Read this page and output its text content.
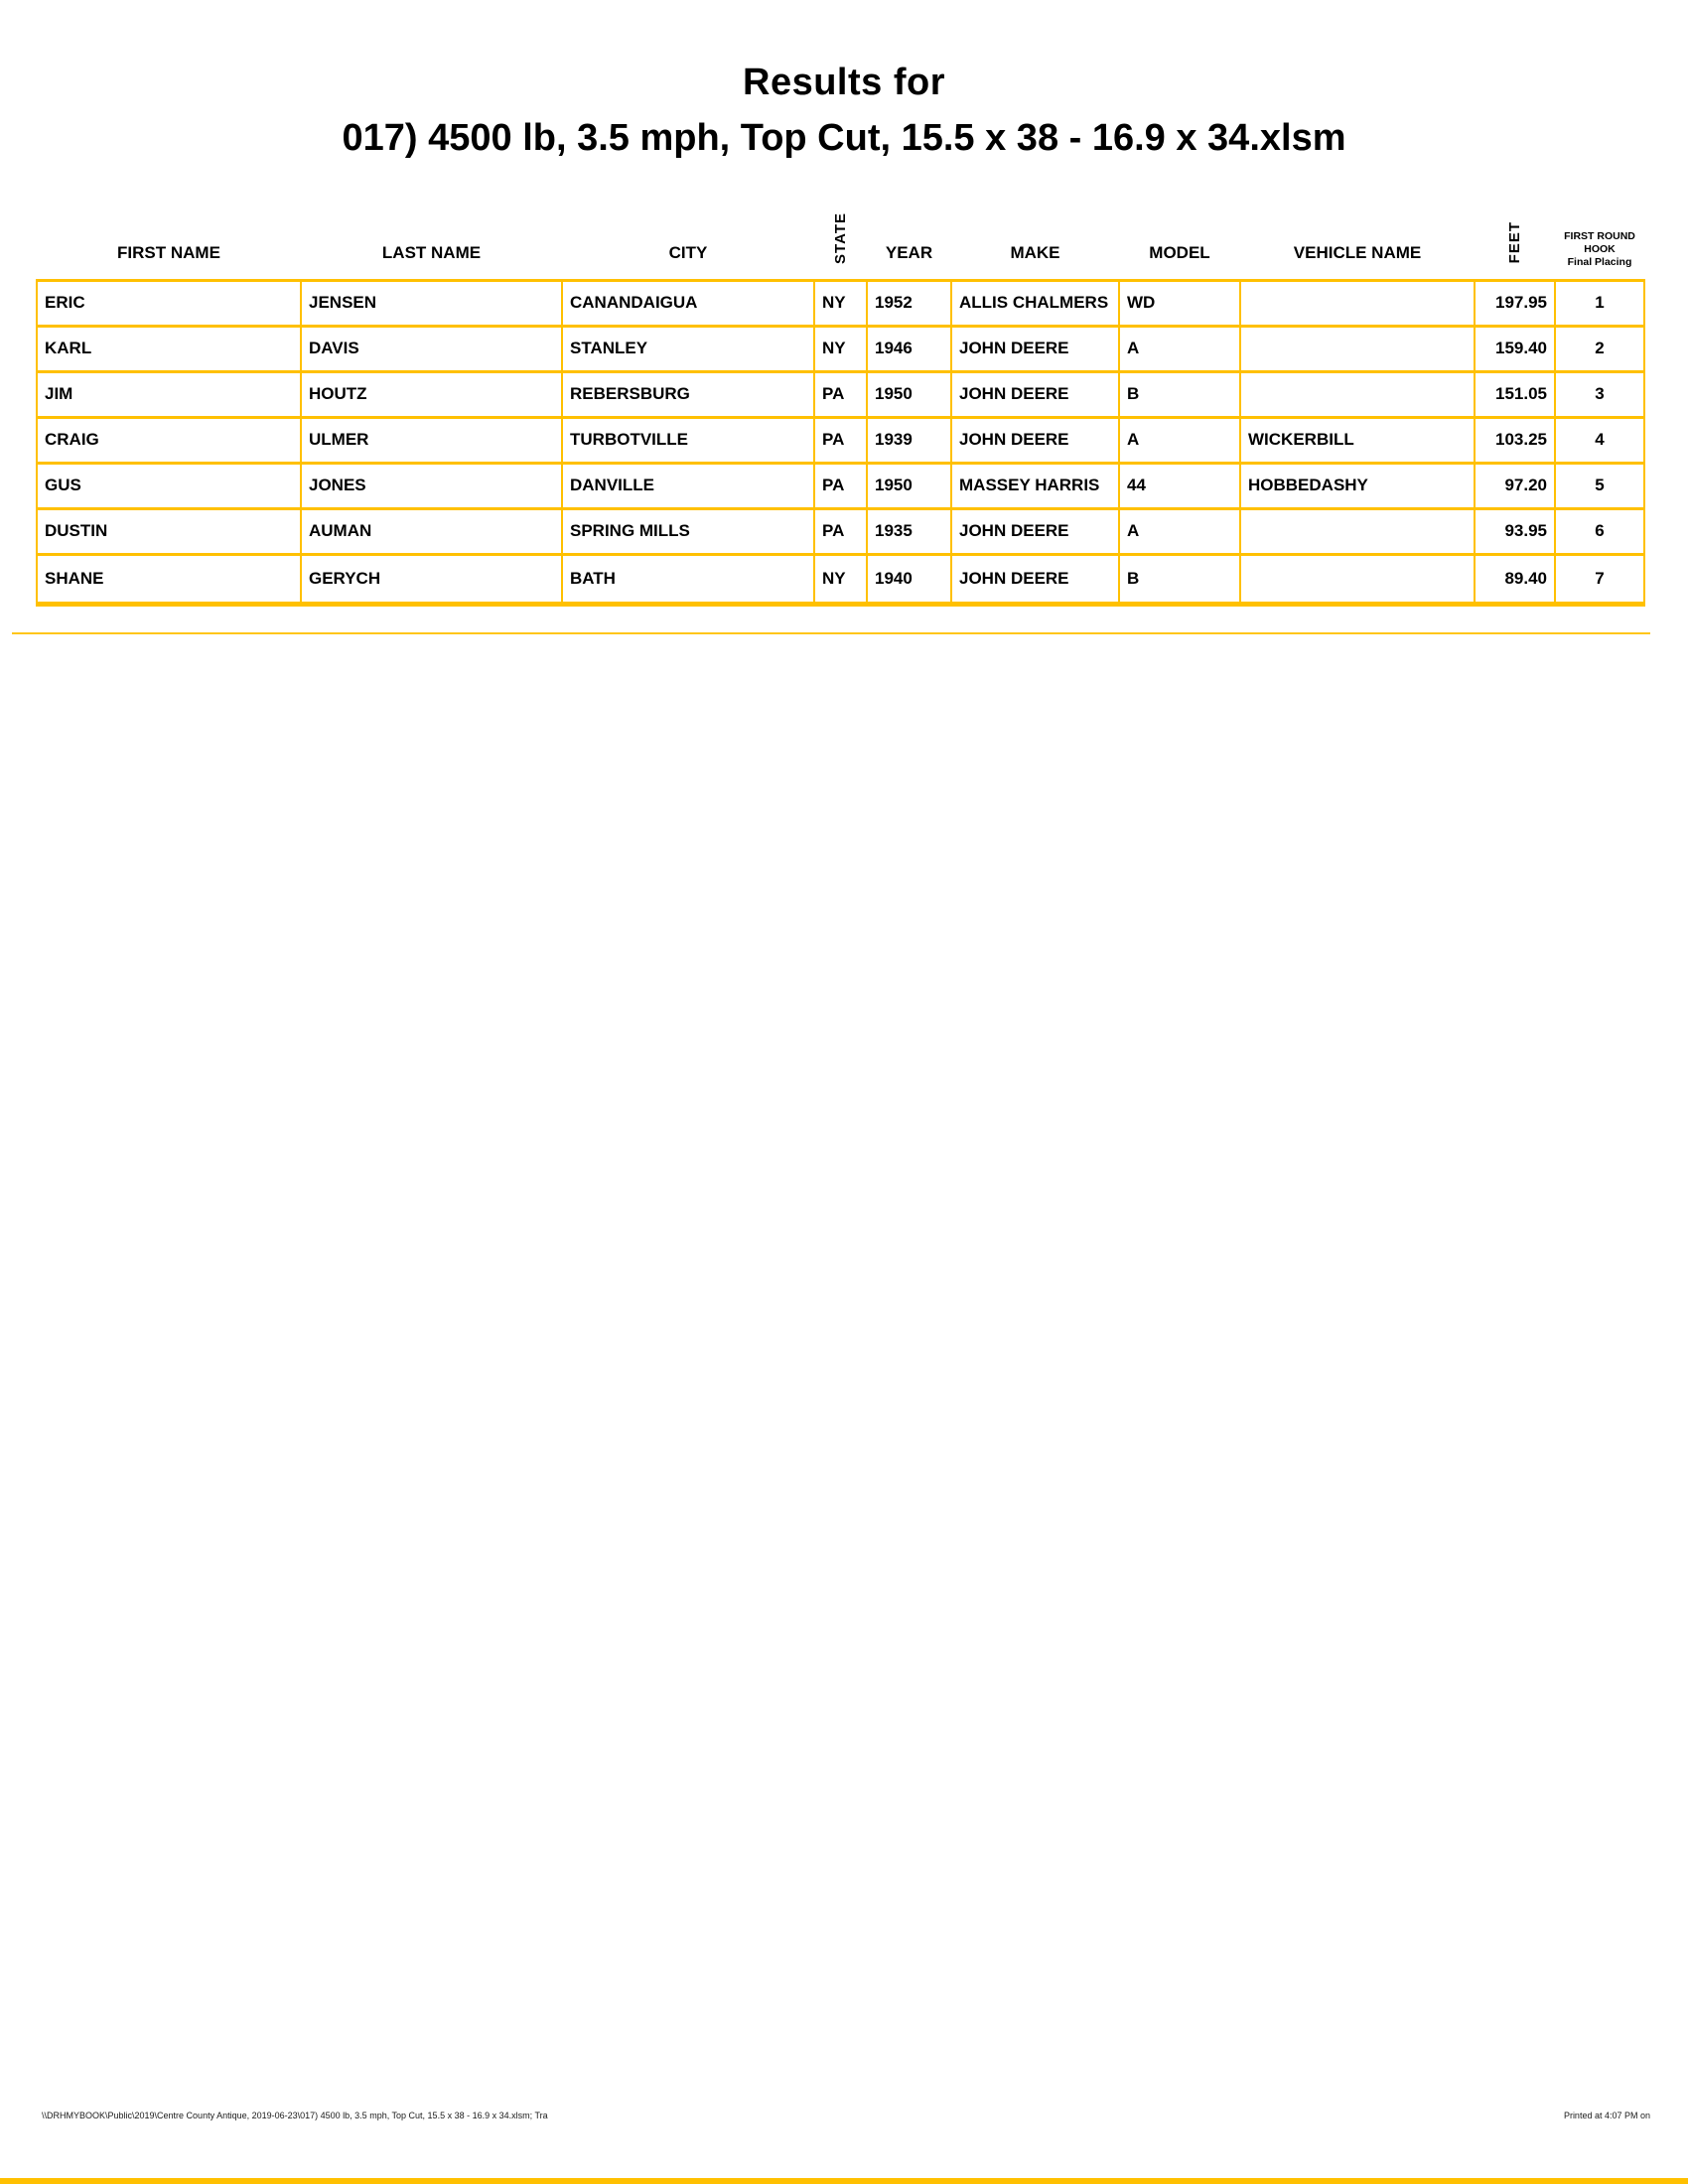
Results for
017) 4500 lb, 3.5 mph, Top Cut, 15.5 x 38 - 16.9 x 34.xlsm
FIRST NAME	LAST NAME	CITY	STATE	YEAR	MAKE	MODEL	VEHICLE NAME	FEET	FIRST ROUND
HOOK
Final Placing

ERIC	JENSEN	CANANDAIGUA	NY	1952	ALLIS CHALMERS	WD		197.95	1
KARL	DAVIS	STANLEY	NY	1946	JOHN DEERE	A		159.40	2
JIM	HOUTZ	REBERSBURG	PA	1950	JOHN DEERE	B		151.05	3
CRAIG	ULMER	TURBOTVILLE	PA	1939	JOHN DEERE	A	WICKERBILL	103.25	4
GUS	JONES	DANVILLE	PA	1950	MASSEY HARRIS	44	HOBBEDASHY	97.20	5
DUSTIN	AUMAN	SPRING MILLS	PA	1935	JOHN DEERE	A		93.95	6
SHANE	GERYCH	BATH	NY	1940	JOHN DEERE	B		89.40	7
\\DRHMYBOOK\Public\2019\Centre County Antique, 2019-06-23\017) 4500 lb, 3.5 mph, Top Cut, 15.5 x 38 - 16.9 x 34.xlsm; Tra	Printed at 4:07 PM on
